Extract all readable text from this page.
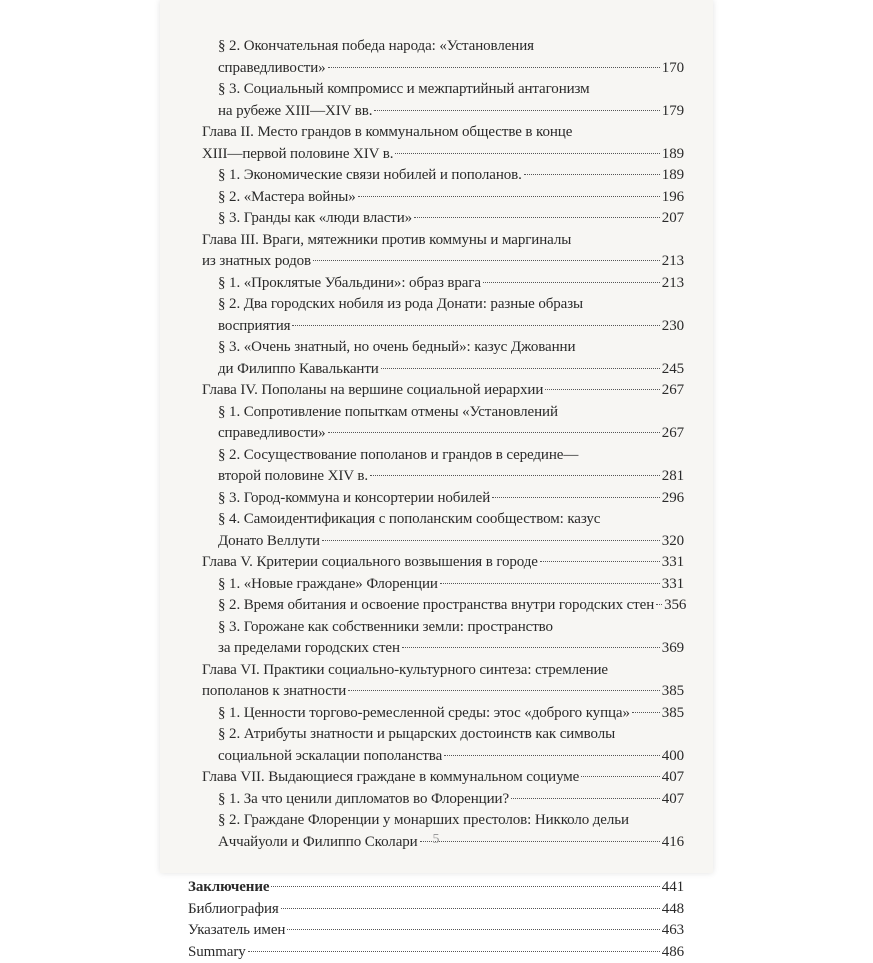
§ 2. Окончательная победа народа: «Установления
справедливости»	170
§ 3. Социальный компромисс и межпартийный антагонизм
на рубеже XIII—XIV вв.	179
Глава II. Место грандов в коммунальном обществе в конце
XIII—первой половине XIV в.	189
§ 1. Экономические связи нобилей и пополанов.	189
§ 2. «Мастера войны»	196
§ 3. Гранды как «люди власти»	207
Глава III. Враги, мятежники против коммуны и маргиналы
из знатных родов	213
§ 1. «Проклятые Убальдини»: образ врага	213
§ 2. Два городских нобиля из рода Донати: разные образы
восприятия	230
§ 3. «Очень знатный, но очень бедный»: казус Джованни
ди Филиппо Кавальканти	245
Глава IV. Пополаны на вершине социальной иерархии	267
§ 1. Сопротивление попыткам отмены «Установлений
справедливости»	267
§ 2. Сосуществование пополанов и грандов в середине—
второй половине XIV в.	281
§ 3. Город-коммуна и консортерии нобилей	296
§ 4. Самоидентификация с пополанским сообществом: казус
Донато Веллути	320
Глава V. Критерии социального возвышения в городе	331
§ 1. «Новые граждане» Флоренции	331
§ 2. Время обитания и освоение пространства внутри городских стен 356
§ 3. Горожане как собственники земли: пространство
за пределами городских стен	369
Глава VI. Практики социально-культурного синтеза: стремление
пополанов к знатности	385
§ 1. Ценности торгово-ремесленной среды: этос «доброго купца» 385
§ 2. Атрибуты знатности и рыцарских достоинств как символы
социальной эскалации пополанства	400
Глава VII. Выдающиеся граждане в коммунальном социуме	407
§ 1. За что ценили дипломатов во Флоренции?	407
§ 2. Граждане Флоренции у монарших престолов: Никколо дельи
Аччайуоли и Филиппо Сколари	416
Заключение	441
Библиография	448
Указатель имен	463
Summary	486
5
